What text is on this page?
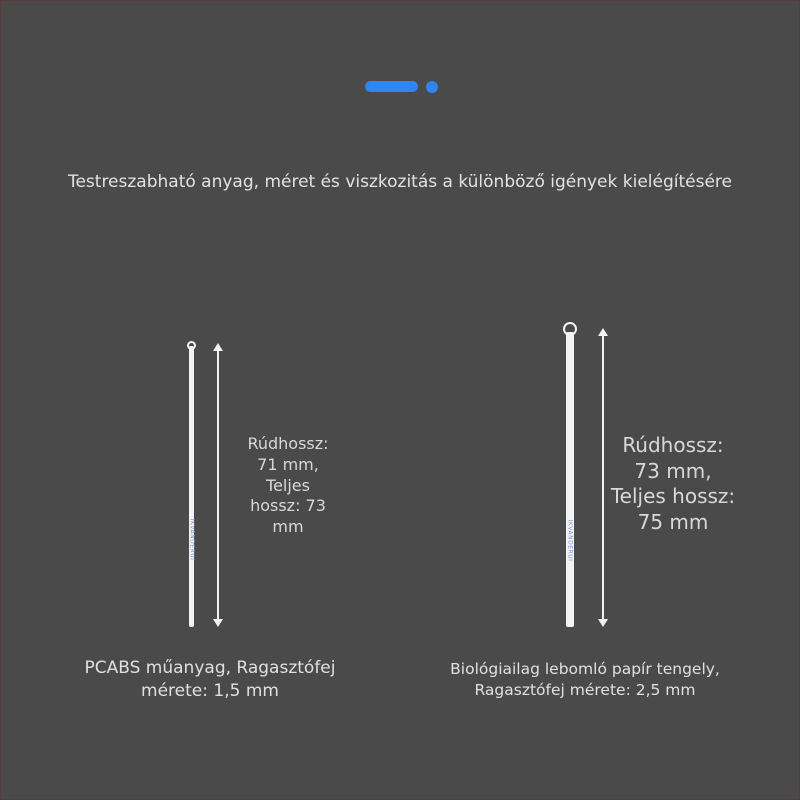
Testreszabható anyag, méret és viszkozitás a különböző igények kielégítésére
IKVANDERUI
Rúdhossz:
71 mm,
Teljes
hossz: 73
mm
PCABS műanyag, Ragasztófej
mérete: 1,5 mm
IKVANDERUI
Rúdhossz:
73 mm,
Teljes hossz:
75 mm
Biológiailag lebomló papír tengely,
Ragasztófej mérete: 2,5 mm
